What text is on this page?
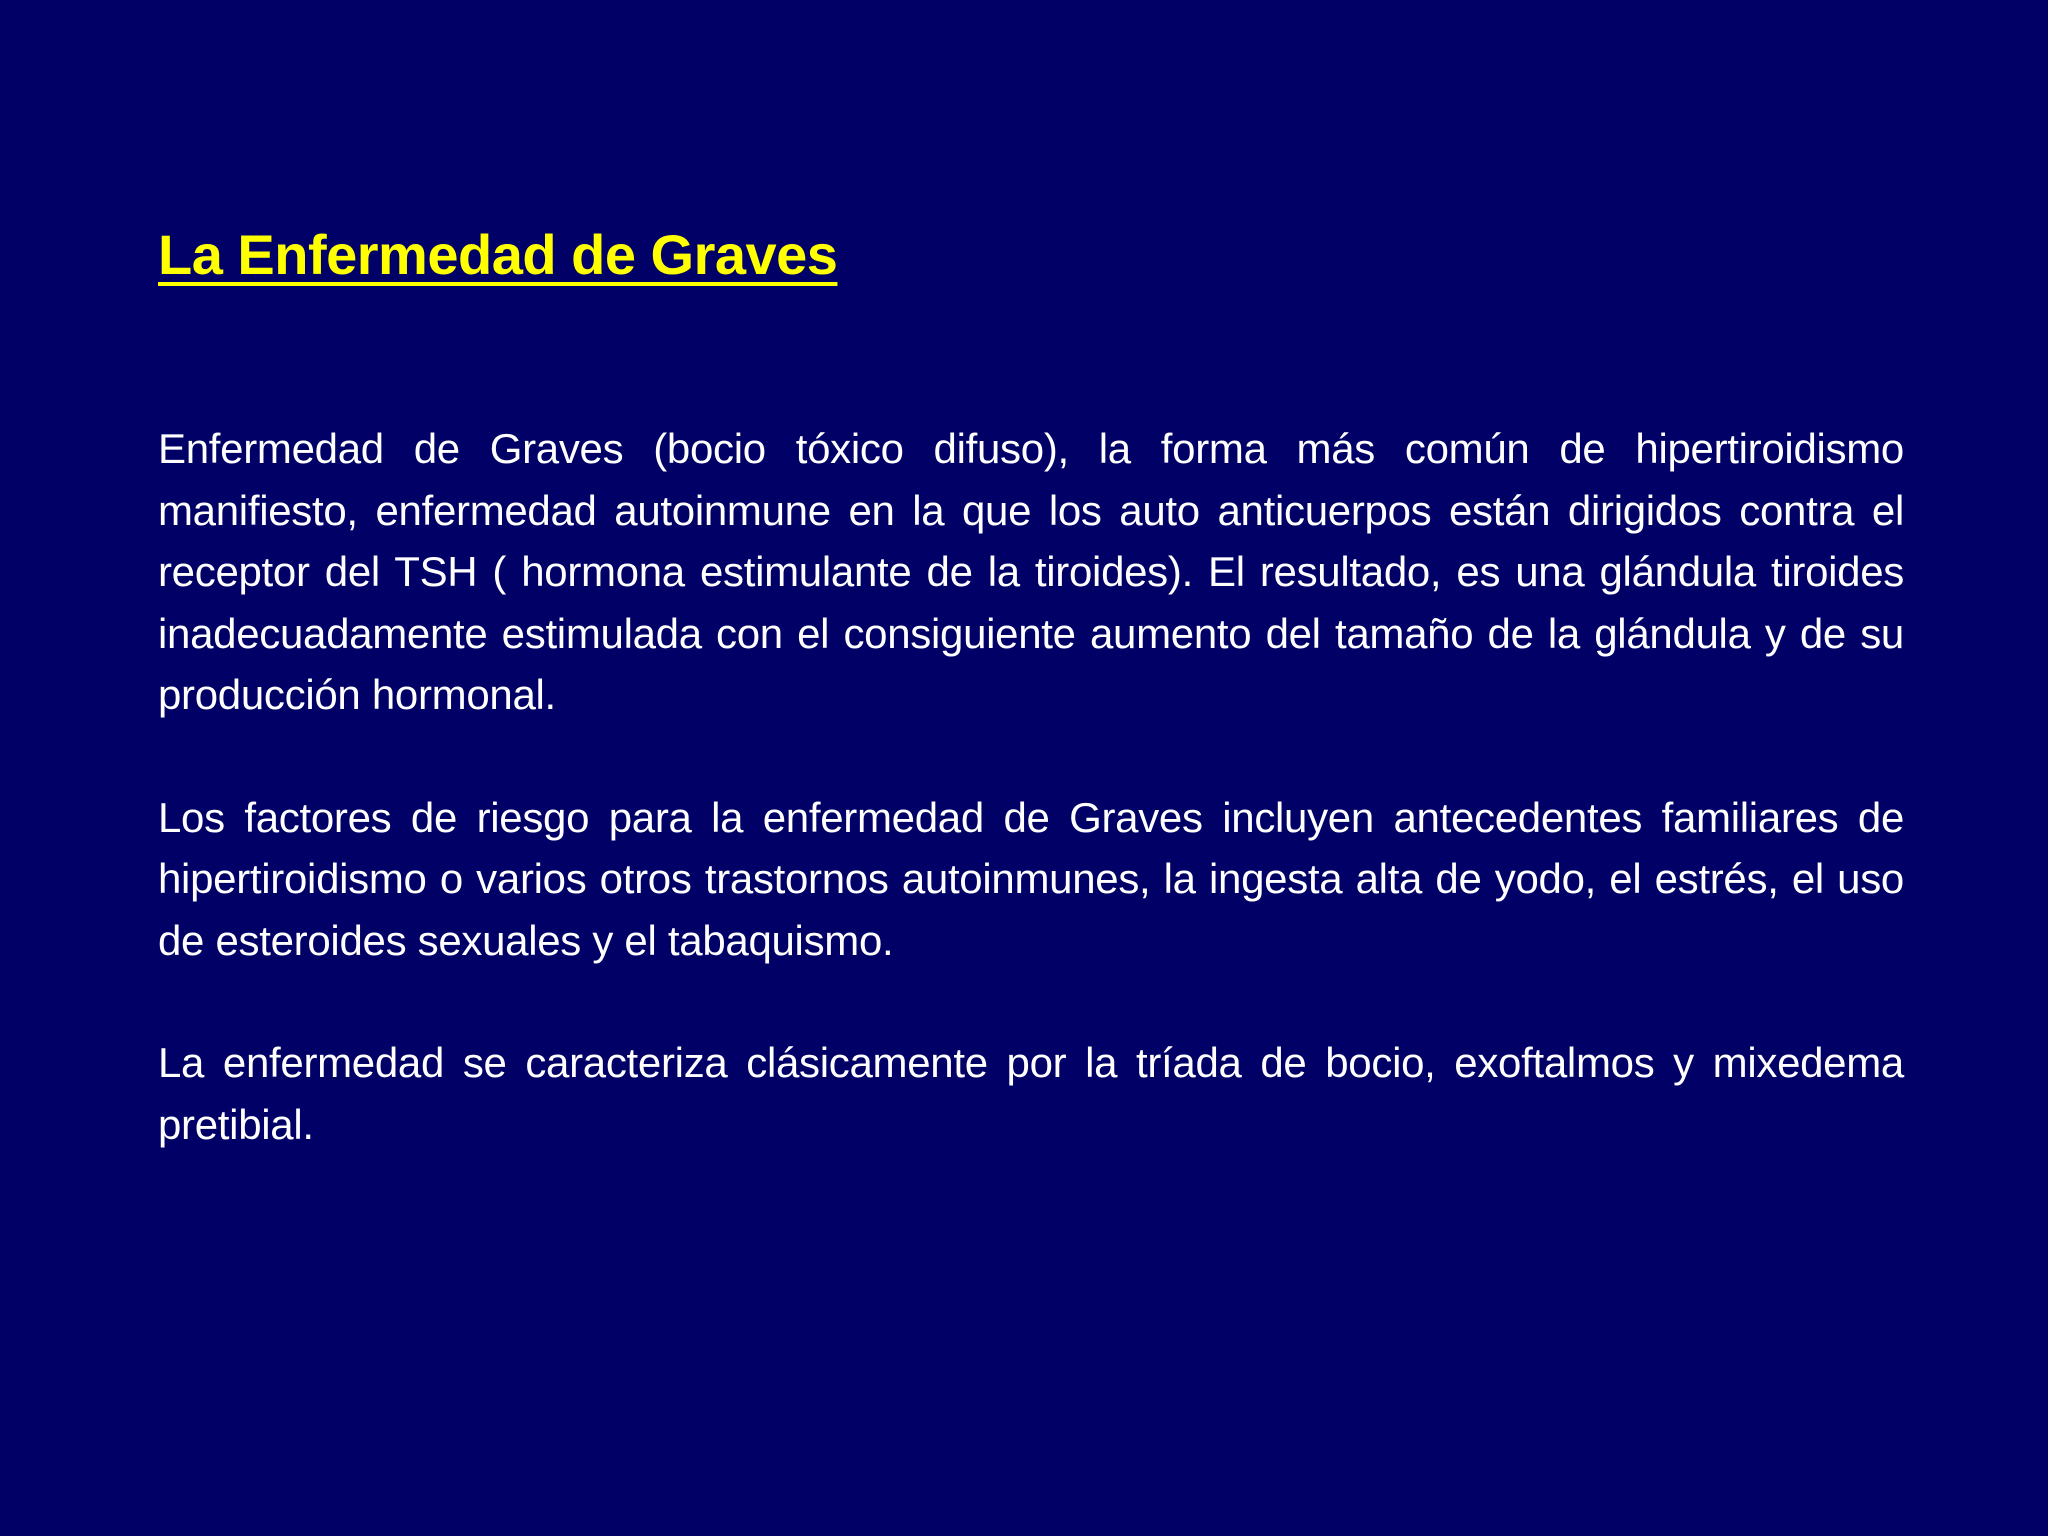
La Enfermedad de Graves

Enfermedad de Graves (bocio tóxico difuso), la forma más común de hipertiroidismo manifiesto, enfermedad autoinmune en la que los auto anticuerpos están dirigidos contra el receptor del TSH ( hormona estimulante de la tiroides). El resultado, es una glándula tiroides inadecuadamente estimulada con el consiguiente aumento del tamaño de la glándula y de su producción hormonal.

Los factores de riesgo para la enfermedad de Graves incluyen antecedentes familiares de hipertiroidismo o varios otros trastornos autoinmunes, la ingesta alta de yodo, el estrés, el uso de esteroides sexuales y el tabaquismo.

La enfermedad se caracteriza clásicamente por la tríada de bocio, exoftalmos y mixedema pretibial.
